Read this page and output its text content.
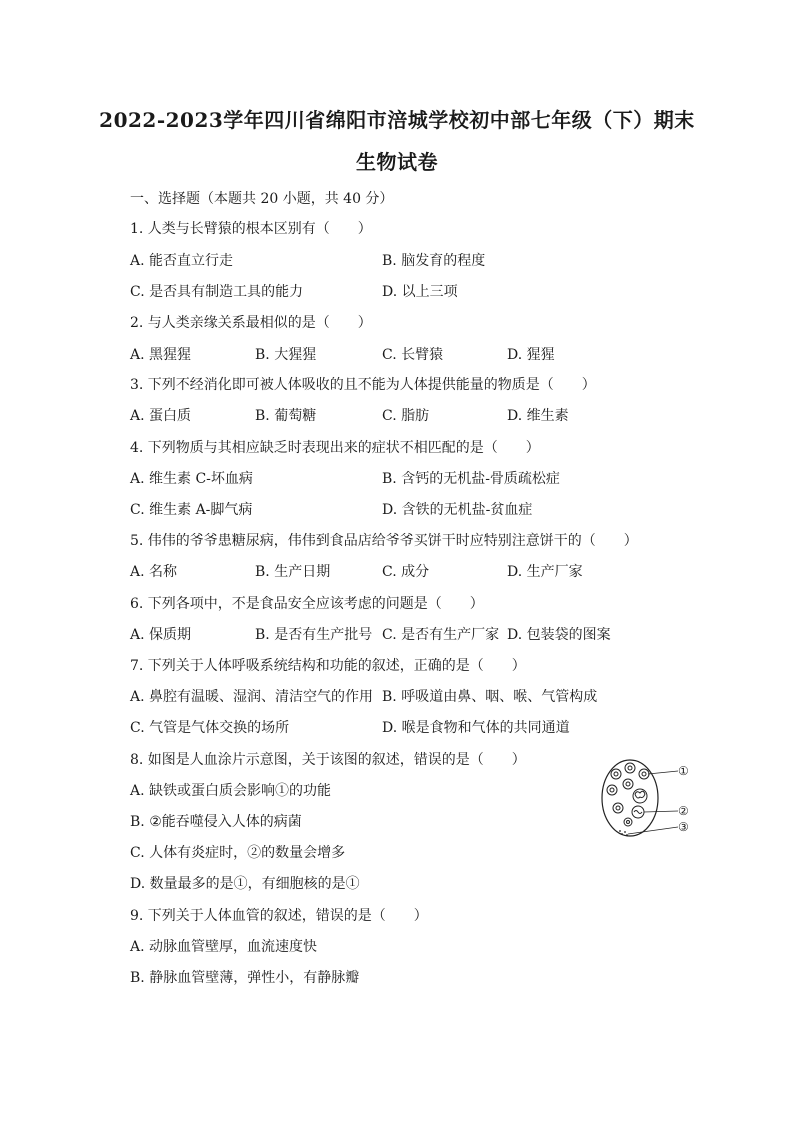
2022-2023学年四川省绵阳市涪城学校初中部七年级（下）期末
生物试卷
一、选择题（本题共 20 小题，共 40 分）
1. 人类与长臂猿的根本区别有（　　）
A. 能否直立行走	B. 脑发育的程度
C. 是否具有制造工具的能力	D. 以上三项
2. 与人类亲缘关系最相似的是（　　）
A. 黑猩猩	B. 大猩猩	C. 长臂猿	D. 猩猩
3. 下列不经消化即可被人体吸收的且不能为人体提供能量的物质是（　　）
A. 蛋白质	B. 葡萄糖	C. 脂肪	D. 维生素
4. 下列物质与其相应缺乏时表现出来的症状不相匹配的是（　　）
A. 维生素 C-坏血病	B. 含钙的无机盐-骨质疏松症
C. 维生素 A-脚气病	D. 含铁的无机盐-贫血症
5. 伟伟的爷爷患糖尿病，伟伟到食品店给爷爷买饼干时应特别注意饼干的（　　）
A. 名称	B. 生产日期	C. 成分	D. 生产厂家
6. 下列各项中，不是食品安全应该考虑的问题是（　　）
A. 保质期	B. 是否有生产批号 C. 是否有生产厂家 D. 包装袋的图案
7. 下列关于人体呼吸系统结构和功能的叙述，正确的是（　　）
A. 鼻腔有温暖、湿润、清洁空气的作用 B. 呼吸道由鼻、咽、喉、气管构成
C. 气管是气体交换的场所	D. 喉是食物和气体的共同通道
8. 如图是人血涂片示意图，关于该图的叙述，错误的是（　　）
A. 缺铁或蛋白质会影响①的功能
B. ②能吞噬侵入人体的病菌
C. 人体有炎症时，②的数量会增多
D. 数量最多的是①，有细胞核的是①
①
②
③
9. 下列关于人体血管的叙述，错误的是（　　）
A. 动脉血管壁厚，血流速度快
B. 静脉血管壁薄，弹性小，有静脉瓣
